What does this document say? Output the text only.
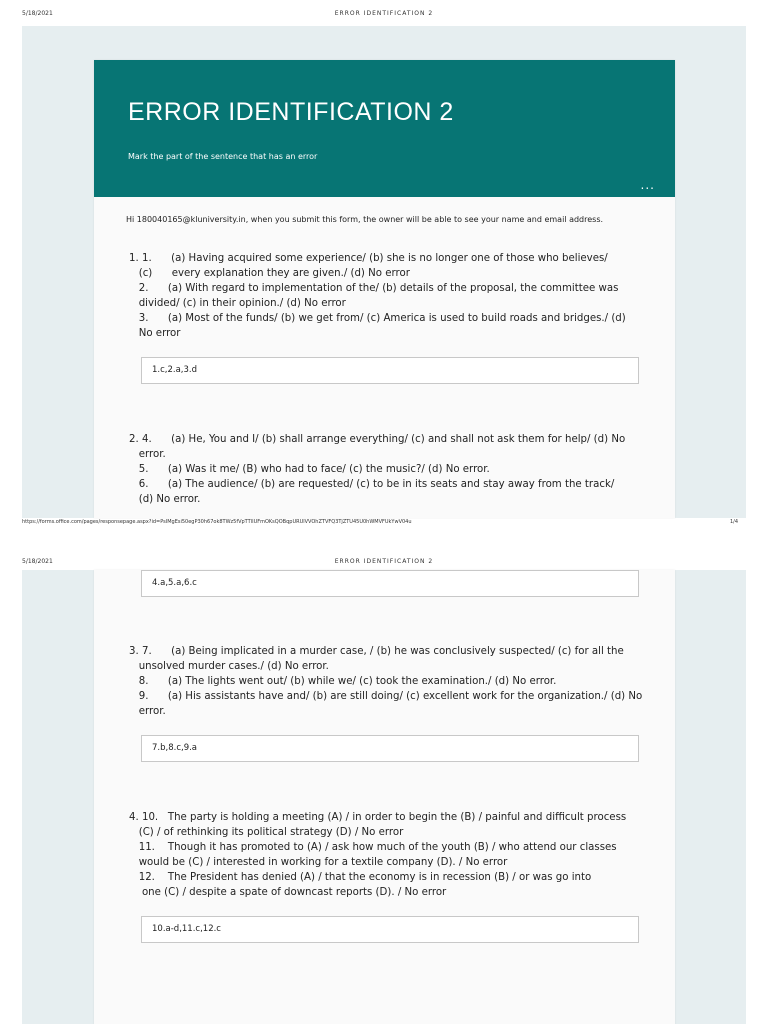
5/18/2021	ERROR IDENTIFICATION 2
ERROR IDENTIFICATION 2
Mark the part of the sentence that has an error
...
Hi 180040165@kluniversity.in, when you submit this form, the owner will be able to see your name and email address.

1. 1.      (a) Having acquired some experience/ (b) she is no longer one of those who believes/

(c)      every explanation they are given./ (d) No error

2.      (a) With regard to implementation of the/ (b) details of the proposal, the committee was

divided/ (c) in their opinion./ (d) No error

3.      (a) Most of the funds/ (b) we get from/ (c) America is used to build roads and bridges./ (d)

No error

1.c,2.a,3.d

2. 4.      (a) He, You and I/ (b) shall arrange everything/ (c) and shall not ask them for help/ (d) No

error.

5.      (a) Was it me/ (B) who had to face/ (c) the music?/ (d) No error.

6.      (a) The audience/ (b) are requested/ (c) to be in its seats and stay away from the track/

(d) No error.

https://forms.office.com/pages/responsepage.aspx?id=PsIMgEsi50egP30h67ok8TWz5fVpTTlIUFmOKsQOBqpURUlVVOhZTVFQ3TjZTU45U0hWMVFUkYwV04u	1/4
5/18/2021	ERROR IDENTIFICATION 2
4.a,5.a,6.c

3. 7.      (a) Being implicated in a murder case, / (b) he was conclusively suspected/ (c) for all the

unsolved murder cases./ (d) No error.

8.      (a) The lights went out/ (b) while we/ (c) took the examination./ (d) No error.

9.      (a) His assistants have and/ (b) are still doing/ (c) excellent work for the organization./ (d) No

error.

7.b,8.c,9.a

4. 10.   The party is holding a meeting (A) / in order to begin the (B) / painful and difficult process

(C) / of rethinking its political strategy (D) / No error

11.    Though it has promoted to (A) / ask how much of the youth (B) / who attend our classes

would be (C) / interested in working for a textile company (D). / No error

12.    The President has denied (A) / that the economy is in recession (B) / or was go into

one (C) / despite a spate of downcast reports (D). / No error

10.a-d,11.c,12.c
